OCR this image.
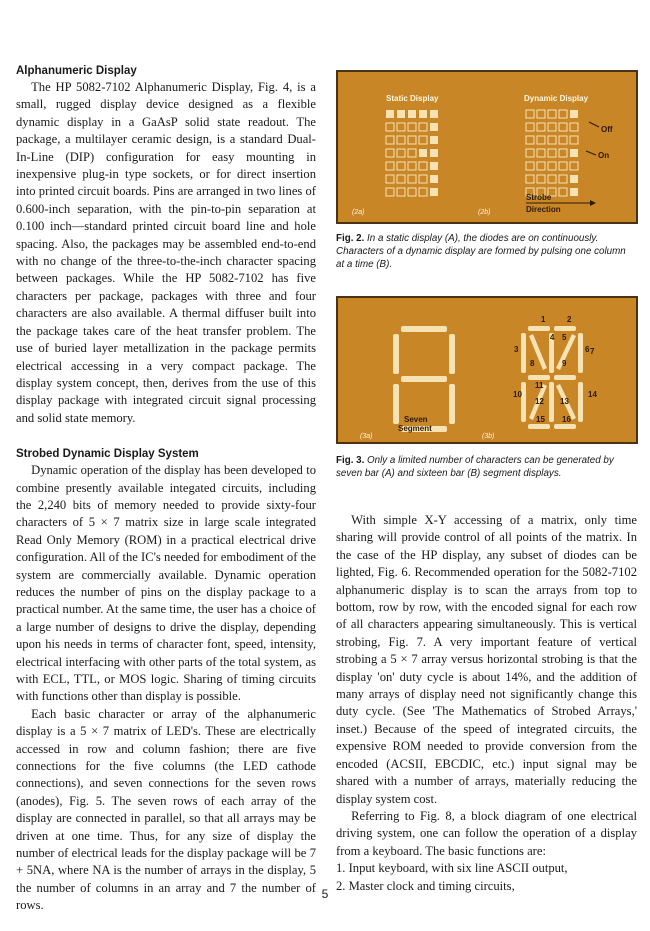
Alphanumeric Display

The HP 5082-7102 Alphanumeric Display, Fig. 4, is a small, rugged display device designed as a flexible dynamic display in a GaAsP solid state readout. The package, a multilayer ceramic design, is a standard Dual-In-Line (DIP) configuration for easy mounting in inexpensive plug-in type sockets, or for direct insertion into printed circuit boards. Pins are arranged in two lines of 0.600-inch separation, with the pin-to-pin separation at 0.100 inch—standard printed circuit board line and hole spacing. Also, the packages may be assembled end-to-end with no change of the three-to-the-inch character spacing between packages. While the HP 5082-7102 has five characters per package, packages with three and four characters are also available. A thermal diffuser built into the package takes care of the heat transfer problem. The use of buried layer metallization in the package permits electrical accessing in a very compact package. The display system concept, then, derives from the use of this display package with integrated circuit signal processing and solid state memory.

Strobed Dynamic Display System

Dynamic operation of the display has been developed to combine presently available integated circuits, including the 2,240 bits of memory needed to provide sixty-four characters of 5 × 7 matrix size in large scale integrated Read Only Memory (ROM) in a practical electrical drive configuration. All of the IC's needed for embodiment of the system are commercially available. Dynamic operation reduces the number of pins on the display package to a practical number. At the same time, the user has a choice of a large number of designs to drive the display, depending upon his needs in terms of character font, speed, intensity, electrical interfacing with other parts of the total system, as with ECL, TTL, or MOS logic. Sharing of timing circuits with functions other than display is possible.

Each basic character or array of the alphanumeric display is a 5 × 7 matrix of LED's. These are electrically accessed in row and column fashion; there are five connections for the five columns (the LED cathode connections), and seven connections for the seven rows (anodes), Fig. 5. The seven rows of each array of the display are connected in parallel, so that all arrays may be driven at one time. Thus, for any size of display the number of electrical leads for the display package will be 7 + 5NA, where NA is the number of arrays in the display, 5 the number of columns in an array and 7 the number of rows.

Static Display	Dynamic Display
Off
On
Strobe
Direction
(2a)	(2b)
Fig. 2. In a static display (A), the diodes are on continuously. Characters of a dynamic display are formed by pulsing one column at a time (B).
1	2
3
4 5
6 7
8	9
10
11
12 13
14
15 16
Seven
Segment
(3a)	(3b)
Fig. 3. Only a limited number of characters can be generated by seven bar (A) and sixteen bar (B) segment displays.

With simple X-Y accessing of a matrix, only time sharing will provide control of all points of the matrix. In the case of the HP display, any subset of diodes can be lighted, Fig. 6. Recommended operation for the 5082-7102 alphanumeric display is to scan the arrays from top to bottom, row by row, with the encoded signal for each row of all characters appearing simultaneously. This is vertical strobing, Fig. 7. A very important feature of vertical strobing a 5 × 7 array versus horizontal strobing is that the display 'on' duty cycle is about 14%, and the addition of many arrays of display need not significantly change this duty cycle. (See 'The Mathematics of Strobed Arrays,' inset.) Because of the speed of integrated circuits, the expensive ROM needed to provide conversion from the encoded (ACSII, EBCDIC, etc.) input signal may be shared with a number of arrays, materially reducing the display system cost.

Referring to Fig. 8, a block diagram of one electrical driving system, one can follow the operation of a display from a keyboard. The basic functions are:

1. Input keyboard, with six line ASCII output,

2. Master clock and timing circuits,

5
